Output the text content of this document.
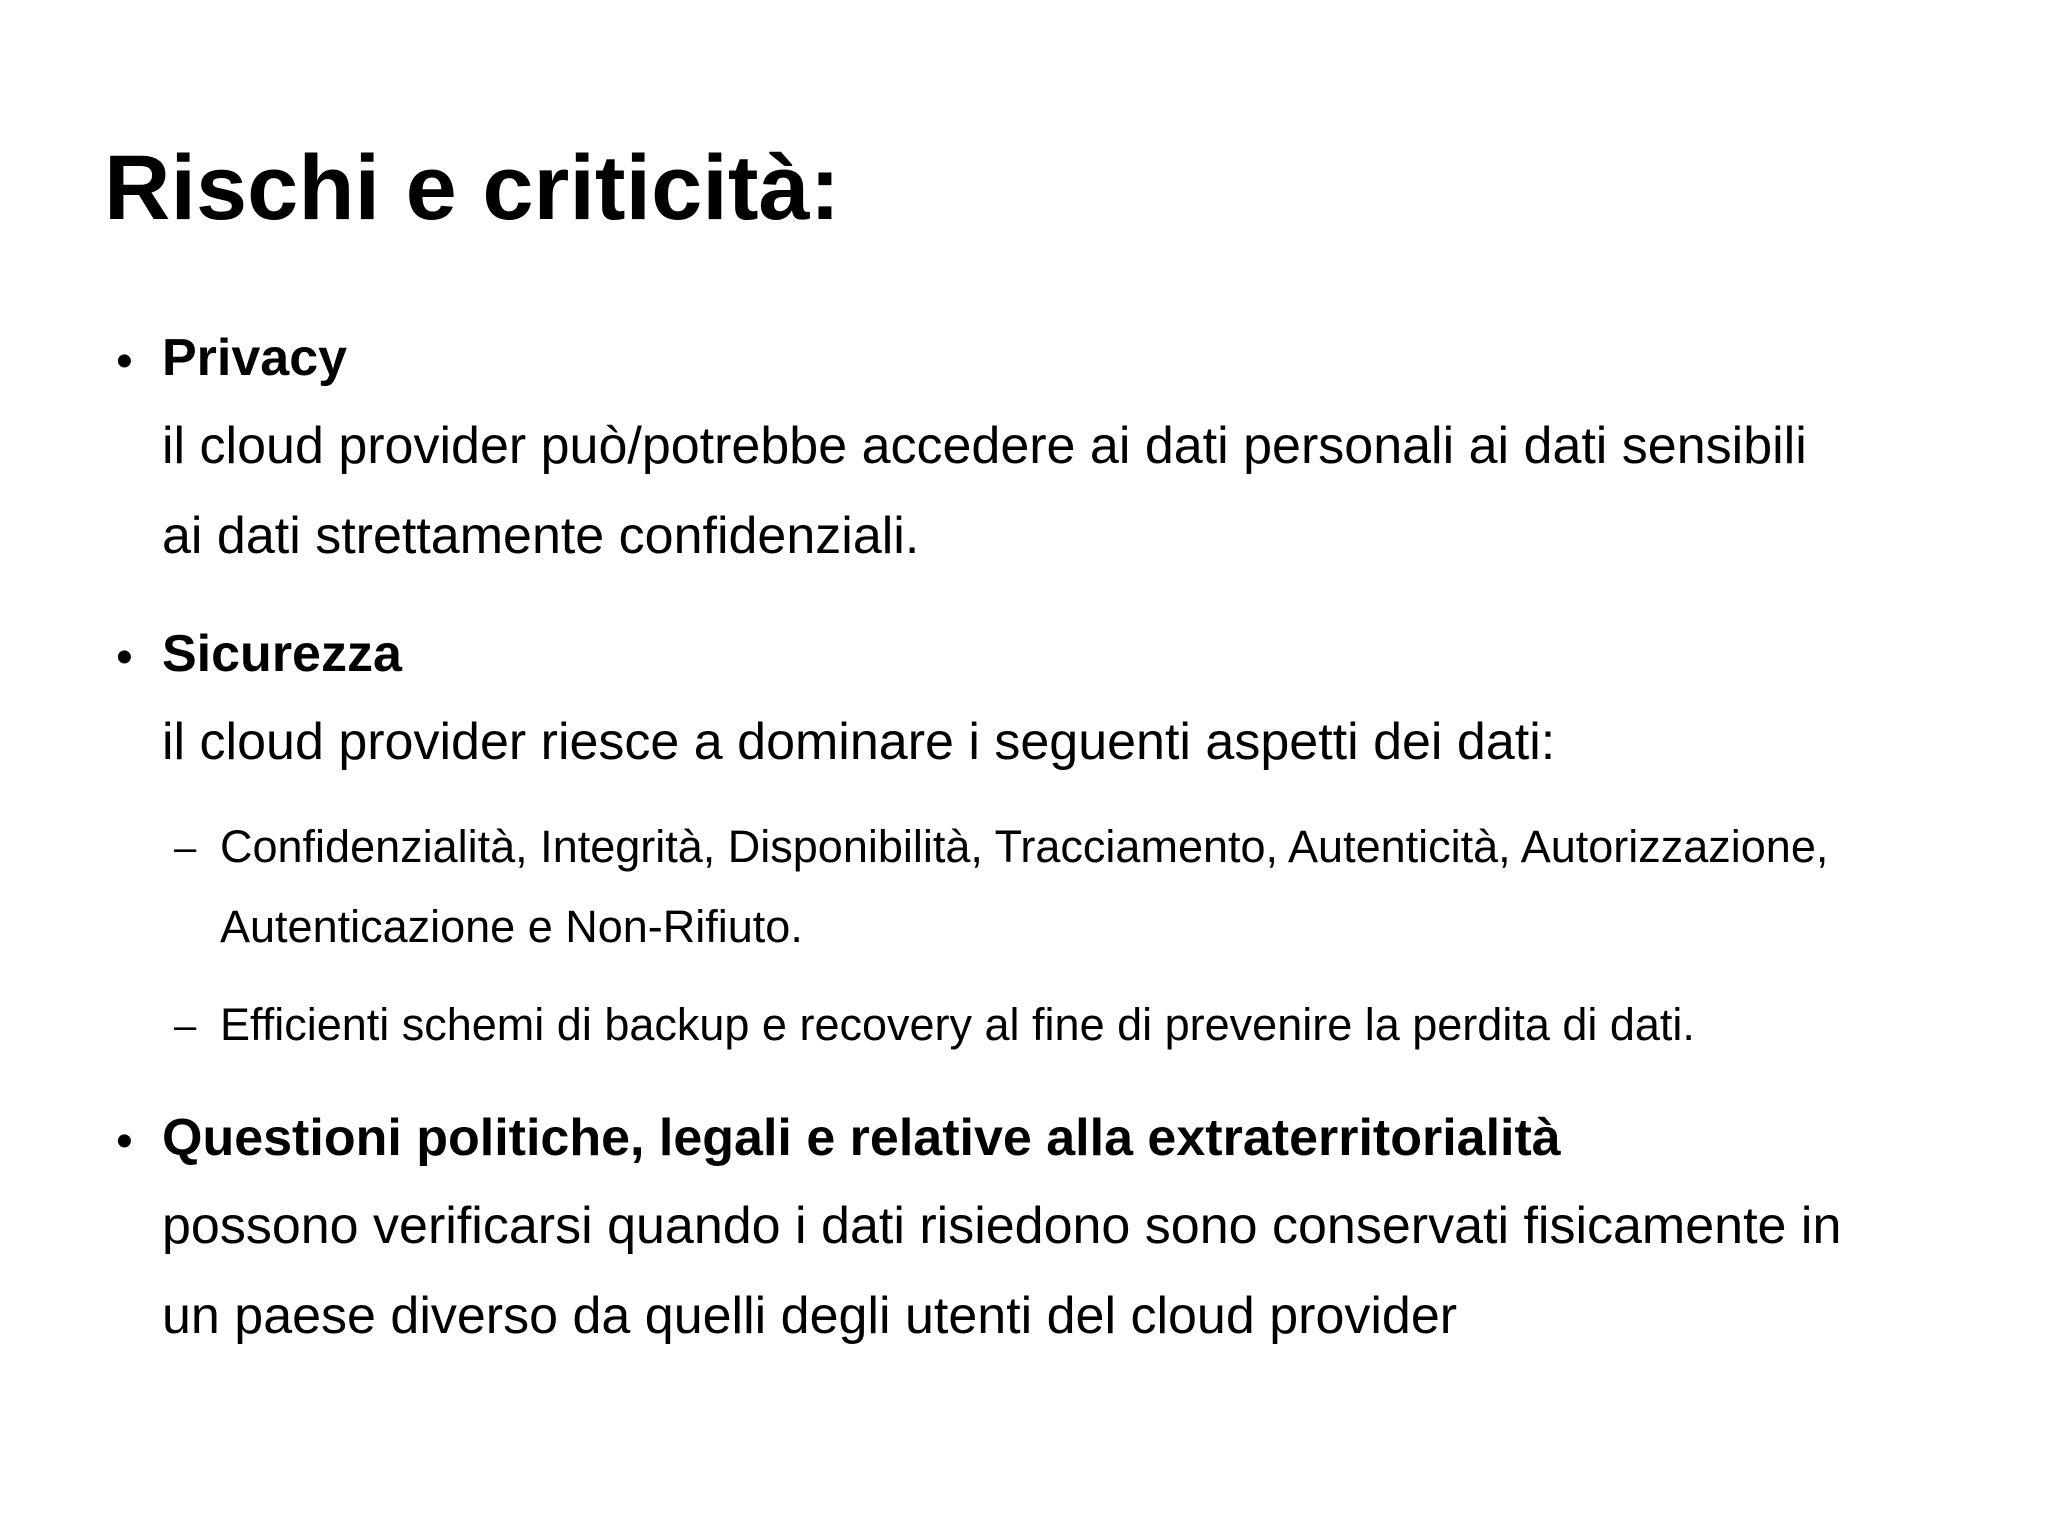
Rischi e criticità:
• Privacy
il cloud provider può/potrebbe accedere ai dati personali ai dati sensibili
ai dati strettamente confidenziali.
• Sicurezza
il cloud provider riesce a dominare i seguenti aspetti dei dati:
– Confidenzialità, Integrità, Disponibilità, Tracciamento, Autenticità, Autorizzazione,
Autenticazione e Non-Rifiuto.
– Efficienti schemi di backup e recovery al fine di prevenire la perdita di dati.
• Questioni politiche, legali e relative alla extraterritorialità
possono verificarsi quando i dati risiedono sono conservati fisicamente in
un paese diverso da quelli degli utenti del cloud provider
